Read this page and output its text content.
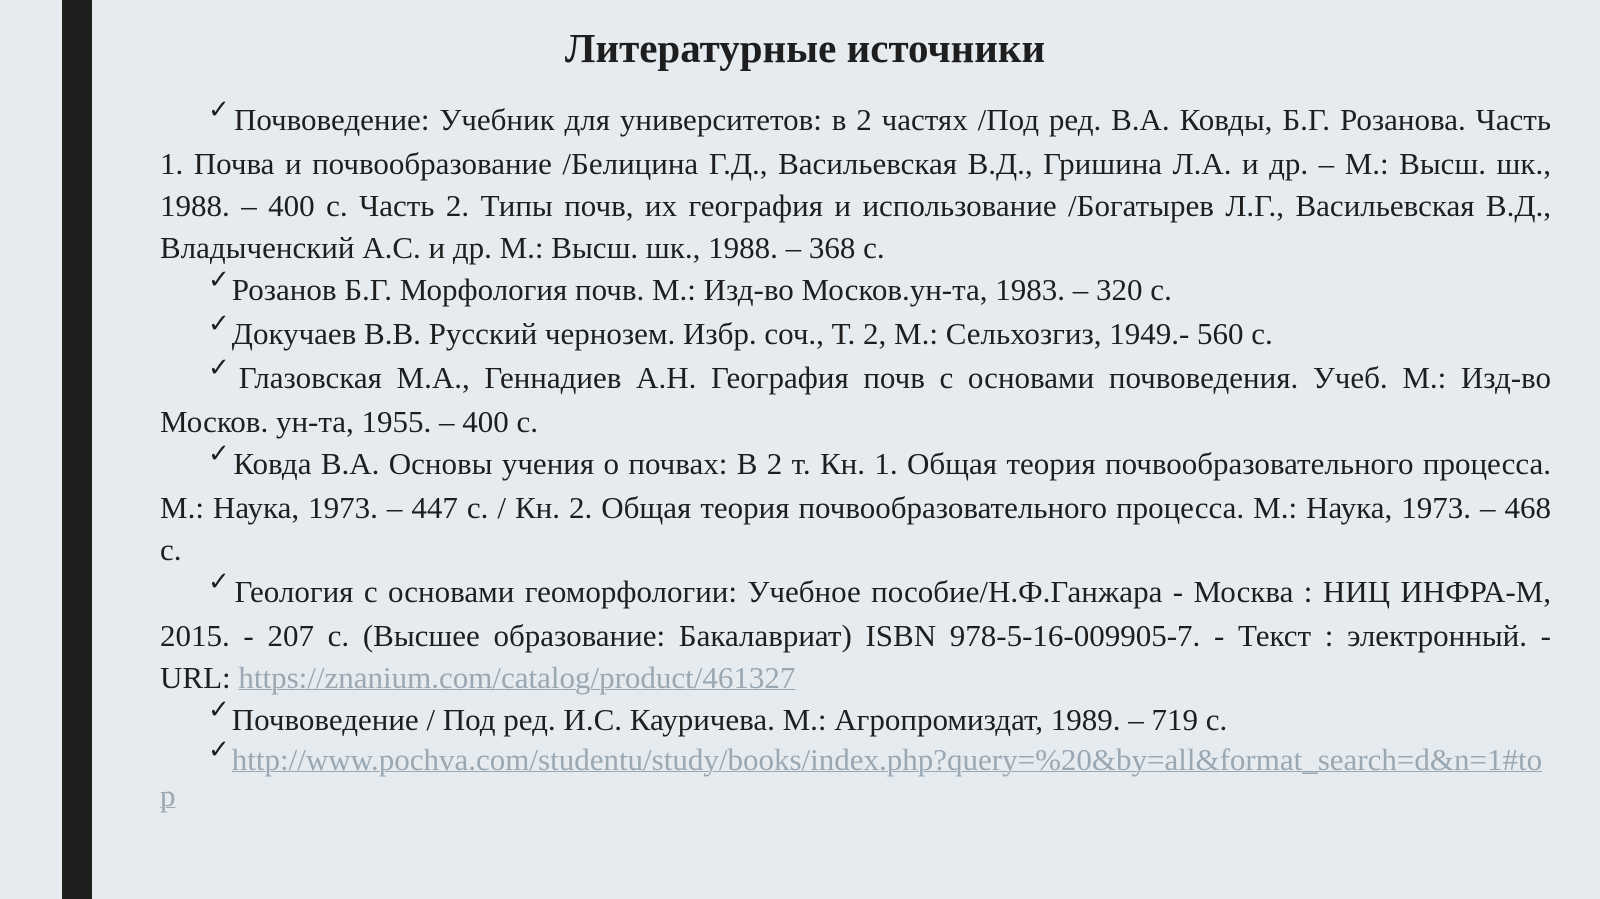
Литературные источники
✓Почвоведение: Учебник для университетов: в 2 частях /Под ред. В.А. Ковды, Б.Г. Розанова. Часть 1. Почва и почвообразование /Белицина Г.Д., Васильевская В.Д., Гришина Л.А. и др. – М.: Высш. шк., 1988. – 400 с. Часть 2. Типы почв, их география и использование /Богатырев Л.Г., Васильевская В.Д., Владыченский А.С. и др. М.: Высш. шк., 1988. – 368 с.
✓Розанов Б.Г. Морфология почв. М.: Изд-во Москов.ун-та, 1983. – 320 с.
✓Докучаев В.В. Русский чернозем. Избр. соч., Т. 2, М.: Сельхозгиз, 1949.- 560 с.
✓Глазовская М.А., Геннадиев А.Н. География почв с основами почвоведения. Учеб. М.: Изд-во Москов. ун-та, 1955. – 400 с.
✓Ковда В.А. Основы учения о почвах: В 2 т. Кн. 1. Общая теория почвообразовательного процесса. М.: Наука, 1973. – 447 с. / Кн. 2. Общая теория почвообразовательного процесса. М.: Наука, 1973. – 468 с.
✓Геология с основами геоморфологии: Учебное пособие/Н.Ф.Ганжара - Москва : НИЦ ИНФРА-М, 2015. - 207 с. (Высшее образование: Бакалавриат) ISBN 978-5-16-009905-7. - Текст : электронный. - URL: https://znanium.com/catalog/product/461327
✓Почвоведение / Под ред. И.С. Кауричева. М.: Агропромиздат, 1989. – 719 с.
✓http://www.pochva.com/studentu/study/books/index.php?query=%20&by=all&format_search=d&n=1#top
